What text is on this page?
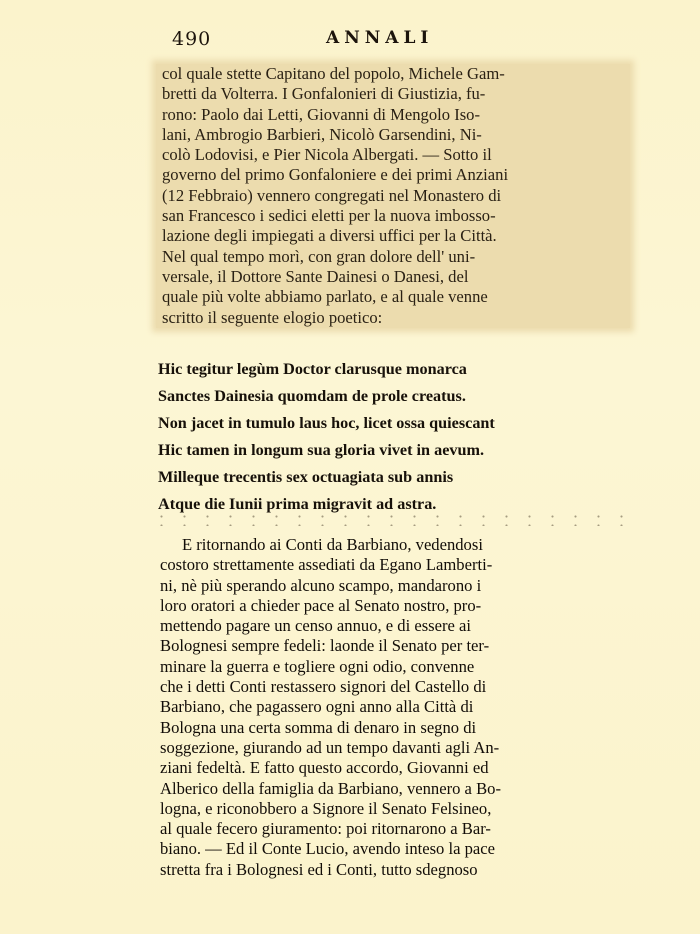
490	ANNALI
col quale stette Capitano del popolo, Michele Gam-
bretti da Volterra. I Gonfalonieri di Giustizia, fu-
rono: Paolo dai Letti, Giovanni di Mengolo Iso-
lani, Ambrogio Barbieri, Nicolò Garsendini, Ni-
colò Lodovisi, e Pier Nicola Albergati. — Sotto il
governo del primo Gonfaloniere e dei primi Anziani
(12 Febbraio) vennero congregati nel Monastero di
san Francesco i sedici eletti per la nuova imbosso-
lazione degli impiegati a diversi uffici per la Città.
Nel qual tempo morì, con gran dolore dell' uni-
versale, il Dottore Sante Dainesi o Danesi, del
quale più volte abbiamo parlato, e al quale venne
scritto il seguente elogio poetico:
Hic tegitur legùm Doctor clarusque monarca
Sanctes Dainesia quomdam de prole creatus.
Non jacet in tumulo laus hoc, licet ossa quiescant
Hic tamen in longum sua gloria vivet in aevum.
Milleque trecentis sex octuagiata sub annis
Atque die Iunii prima migravit ad astra.
E ritornando ai Conti da Barbiano, vedendosi
costoro strettamente assediati da Egano Lamberti-
ni, nè più sperando alcuno scampo, mandarono i
loro oratori a chieder pace al Senato nostro, pro-
mettendo pagare un censo annuo, e di essere ai
Bolognesi sempre fedeli: laonde il Senato per ter-
minare la guerra e togliere ogni odio, convenne
che i detti Conti restassero signori del Castello di
Barbiano, che pagassero ogni anno alla Città di
Bologna una certa somma di denaro in segno di
soggezione, giurando ad un tempo davanti agli An-
ziani fedeltà. E fatto questo accordo, Giovanni ed
Alberico della famiglia da Barbiano, vennero a Bo-
logna, e riconobbero a Signore il Senato Felsineo,
al quale fecero giuramento: poi ritornarono a Bar-
biano. — Ed il Conte Lucio, avendo inteso la pace
stretta fra i Bolognesi ed i Conti, tutto sdegnoso
